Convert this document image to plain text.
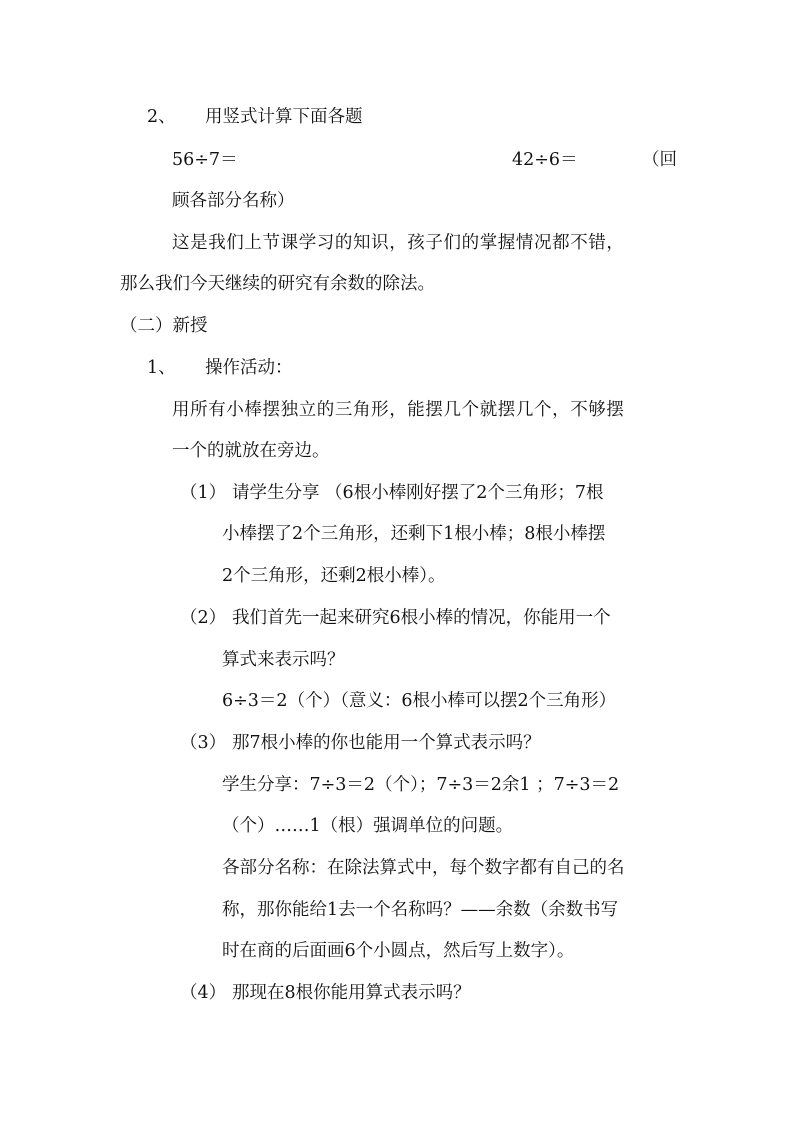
2、 用竖式计算下面各题
56÷7＝	42÷6＝	（回
顾各部分名称）
这是我们上节课学习的知识，孩子们的掌握情况都不错，
那么我们今天继续的研究有余数的除法。
（二）新授
1、 操作活动：
用所有小棒摆独立的三角形，能摆几个就摆几个，不够摆
一个的就放在旁边。
（1） 请学生分享 （6根小棒刚好摆了2个三角形；7根
小棒摆了2个三角形，还剩下1根小棒；8根小棒摆
2个三角形，还剩2根小棒）。
（2） 我们首先一起来研究6根小棒的情况，你能用一个
算式来表示吗？
6÷3＝2（个）（意义：6根小棒可以摆2个三角形）
（3） 那7根小棒的你也能用一个算式表示吗？
学生分享：7÷3＝2（个）；7÷3＝2余1 ；7÷3＝2
（个）……1（根）强调单位的问题。
各部分名称：在除法算式中，每个数字都有自己的名
称，那你能给1去一个名称吗？——余数（余数书写
时在商的后面画6个小圆点，然后写上数字）。
（4） 那现在8根你能用算式表示吗？
